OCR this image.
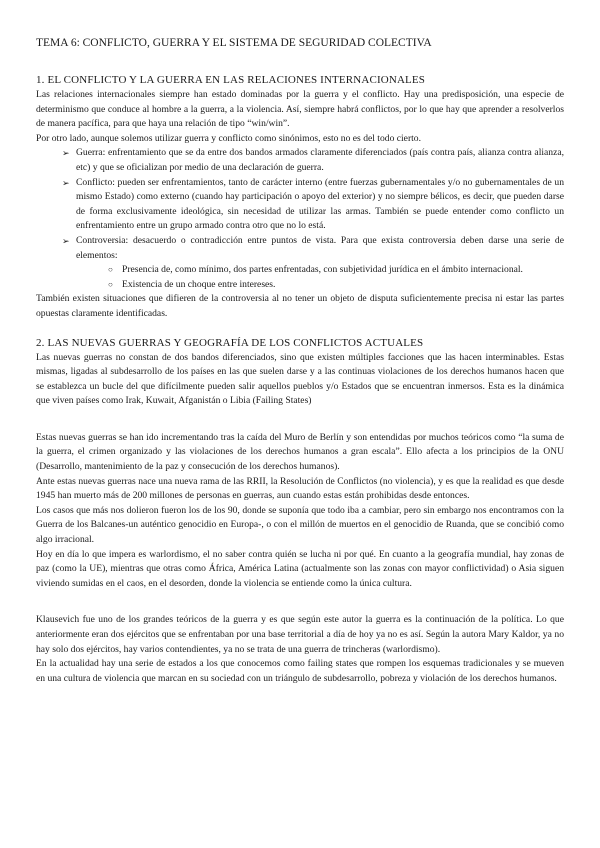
TEMA 6: CONFLICTO, GUERRA Y EL SISTEMA DE SEGURIDAD COLECTIVA
1. EL CONFLICTO Y LA GUERRA EN LAS RELACIONES INTERNACIONALES

Las relaciones internacionales siempre han estado dominadas por la guerra y el conflicto. Hay una predisposición, una especie de determinismo que conduce al hombre a la guerra, a la violencia. Así, siempre habrá conflictos, por lo que hay que aprender a resolverlos de manera pacífica, para que haya una relación de tipo “win/win”.

Por otro lado, aunque solemos utilizar guerra y conflicto como sinónimos, esto no es del todo cierto.

➢ Guerra: enfrentamiento que se da entre dos bandos armados claramente diferenciados (país contra país, alianza contra alianza, etc) y que se oficializan por medio de una declaración de guerra.
➢ Conflicto: pueden ser enfrentamientos, tanto de carácter interno (entre fuerzas gubernamentales y/o no gubernamentales de un mismo Estado) como externo (cuando hay participación o apoyo del exterior) y no siempre bélicos, es decir, que pueden darse de forma exclusivamente ideológica, sin necesidad de utilizar las armas. También se puede entender como conflicto un enfrentamiento entre un grupo armado contra otro que no lo está.
➢ Controversia: desacuerdo o contradicción entre puntos de vista. Para que exista controversia deben darse una serie de elementos:
○ Presencia de, como mínimo, dos partes enfrentadas, con subjetividad jurídica en el ámbito internacional.
○ Existencia de un choque entre intereses.

También existen situaciones que difieren de la controversia al no tener un objeto de disputa suficientemente precisa ni estar las partes opuestas claramente identificadas.

2. LAS NUEVAS GUERRAS Y GEOGRAFÍA DE LOS CONFLICTOS ACTUALES

Las nuevas guerras no constan de dos bandos diferenciados, sino que existen múltiples facciones que las hacen interminables. Estas mismas, ligadas al subdesarrollo de los países en las que suelen darse y a las continuas violaciones de los derechos humanos hacen que se establezca un bucle del que difícilmente pueden salir aquellos pueblos y/o Estados que se encuentran inmersos. Esta es la dinámica que viven países como Irak, Kuwait, Afganistán o Libia (Failing States)

Estas nuevas guerras se han ido incrementando tras la caída del Muro de Berlín y son entendidas por muchos teóricos como “la suma de la guerra, el crimen organizado y las violaciones de los derechos humanos a gran escala”. Ello afecta a los principios de la ONU (Desarrollo, mantenimiento de la paz y consecución de los derechos humanos).

Ante estas nuevas guerras nace una nueva rama de las RRII, la Resolución de Conflictos (no violencia), y es que la realidad es que desde 1945 han muerto más de 200 millones de personas en guerras, aun cuando estas están prohibidas desde entonces.

Los casos que más nos dolieron fueron los de los 90, donde se suponía que todo iba a cambiar, pero sin embargo nos encontramos con la Guerra de los Balcanes-un auténtico genocidio en Europa-, o con el millón de muertos en el genocidio de Ruanda, que se concibió como algo irracional.

Hoy en día lo que impera es warlordismo, el no saber contra quién se lucha ni por qué. En cuanto a la geografía mundial, hay zonas de paz (como la UE), mientras que otras como África, América Latina (actualmente son las zonas con mayor conflictividad) o Asia siguen viviendo sumidas en el caos, en el desorden, donde la violencia se entiende como la única cultura.

Klausevich fue uno de los grandes teóricos de la guerra y es que según este autor la guerra es la continuación de la política. Lo que anteriormente eran dos ejércitos que se enfrentaban por una base territorial a día de hoy ya no es así. Según la autora Mary Kaldor, ya no hay solo dos ejércitos, hay varios contendientes, ya no se trata de una guerra de trincheras (warlordismo).

En la actualidad hay una serie de estados a los que conocemos como failing states que rompen los esquemas tradicionales y se mueven en una cultura de violencia que marcan en su sociedad con un triángulo de subdesarrollo, pobreza y violación de los derechos humanos.
